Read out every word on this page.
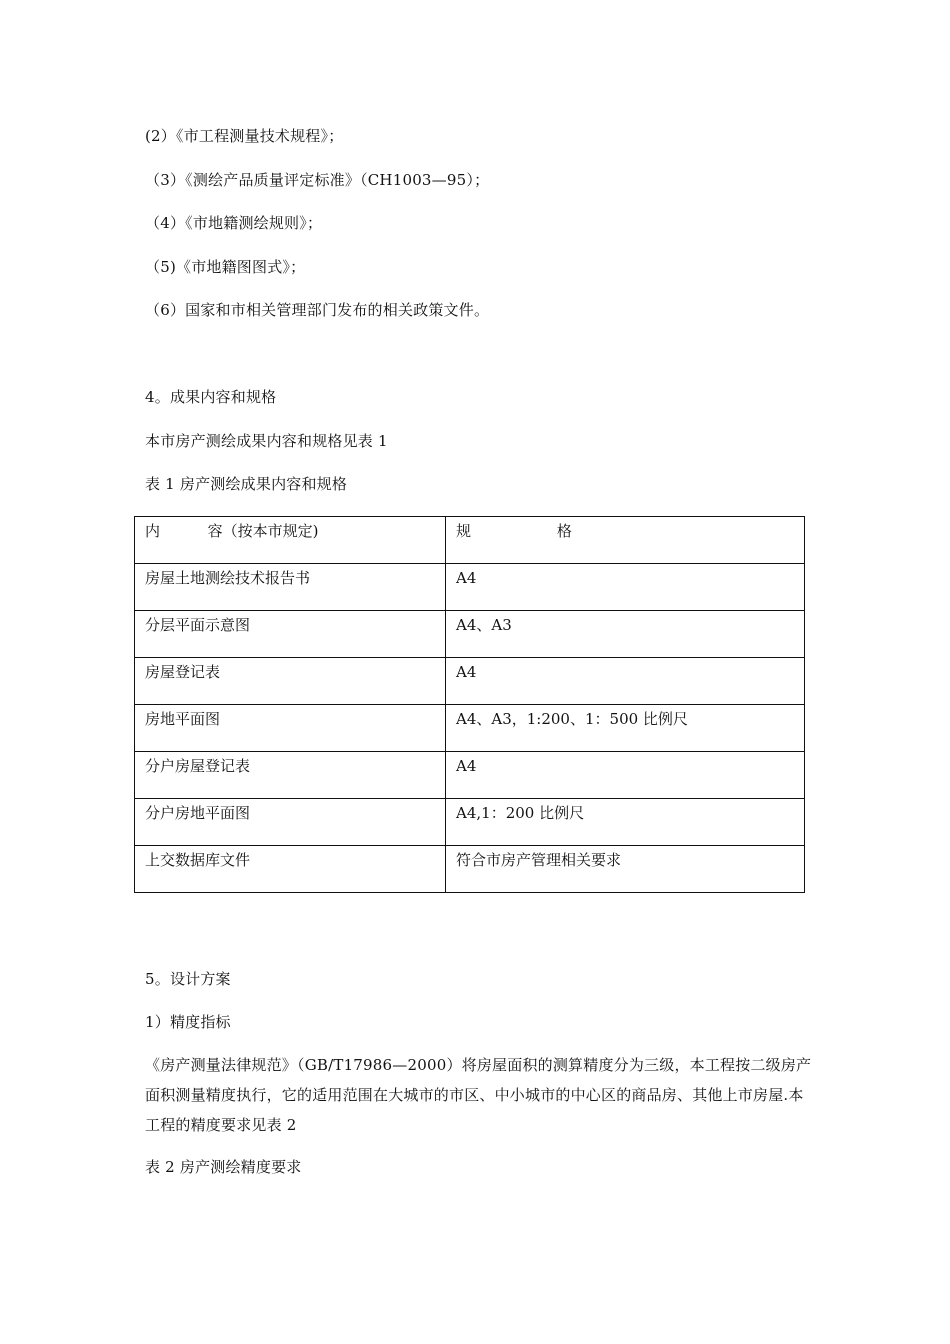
(2）《市工程测量技术规程》；
（3）《测绘产品质量评定标准》（CH1003—95）；
（4）《市地籍测绘规则》；
（5)《市地籍图图式》；
（6）国家和市相关管理部门发布的相关政策文件。
4。成果内容和规格
本市房产测绘成果内容和规格见表 1
表 1 房产测绘成果内容和规格
内          容（按本市规定)	规                  格
房屋土地测绘技术报告书	A4
分层平面示意图	A4、A3
房屋登记表	A4
房地平面图	A4、A3，1:200、1：500 比例尺
分户房屋登记表	A4
分户房地平面图	A4,1：200 比例尺
上交数据库文件	符合市房产管理相关要求
5。设计方案
1）精度指标
《房产测量法律规范》（GB/T17986—2000）将房屋面积的测算精度分为三级，本工程按二级房产面积测量精度执行，它的适用范围在大城市的市区、中小城市的中心区的商品房、其他上市房屋.本工程的精度要求见表 2
表 2 房产测绘精度要求
